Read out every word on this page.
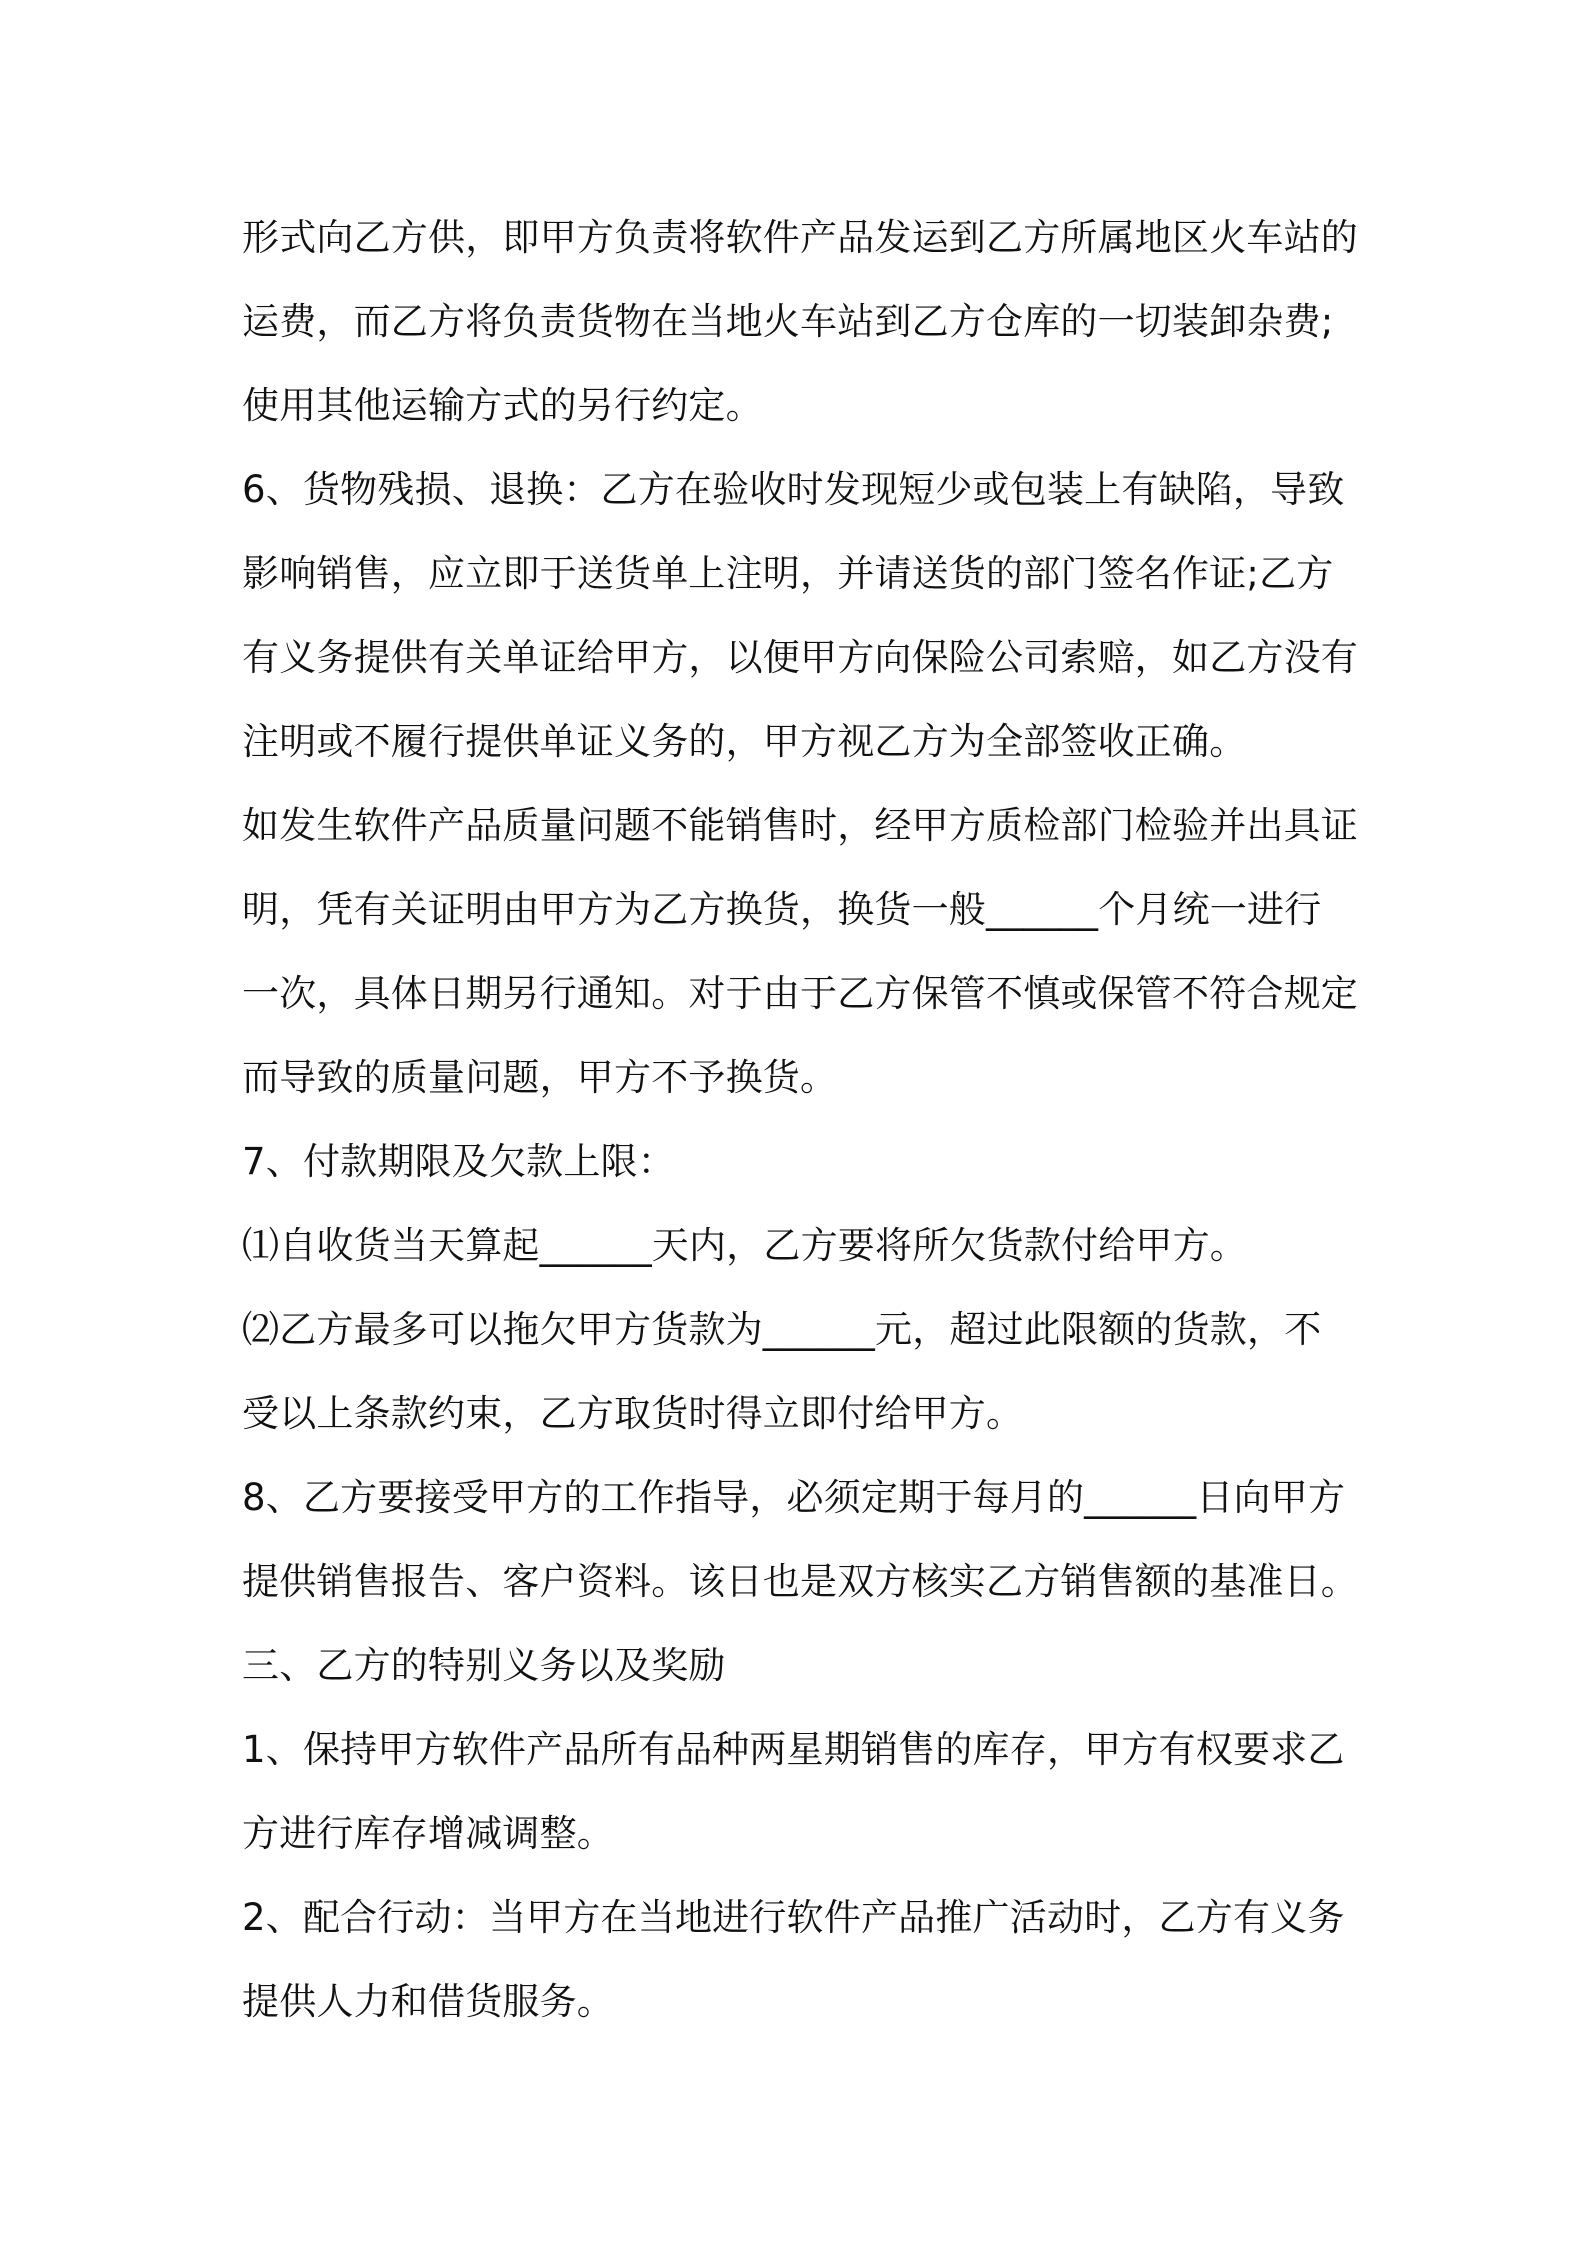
形式向乙方供，即甲方负责将软件产品发运到乙方所属地区火车站的
运费，而乙方将负责货物在当地火车站到乙方仓库的一切装卸杂费;
使用其他运输方式的另行约定。
6、货物残损、退换：乙方在验收时发现短少或包装上有缺陷，导致
影响销售，应立即于送货单上注明，并请送货的部门签名作证;乙方
有义务提供有关单证给甲方，以便甲方向保险公司索赔，如乙方没有
注明或不履行提供单证义务的，甲方视乙方为全部签收正确。
如发生软件产品质量问题不能销售时，经甲方质检部门检验并出具证
明，凭有关证明由甲方为乙方换货，换货一般______个月统一进行
一次，具体日期另行通知。对于由于乙方保管不慎或保管不符合规定
而导致的质量问题，甲方不予换货。
7、付款期限及欠款上限：
⑴自收货当天算起______天内，乙方要将所欠货款付给甲方。
⑵乙方最多可以拖欠甲方货款为______元，超过此限额的货款，不
受以上条款约束，乙方取货时得立即付给甲方。
8、乙方要接受甲方的工作指导，必须定期于每月的______日向甲方
提供销售报告、客户资料。该日也是双方核实乙方销售额的基准日。
三、乙方的特别义务以及奖励
1、保持甲方软件产品所有品种两星期销售的库存，甲方有权要求乙
方进行库存增减调整。
2、配合行动：当甲方在当地进行软件产品推广活动时，乙方有义务
提供人力和借货服务。
